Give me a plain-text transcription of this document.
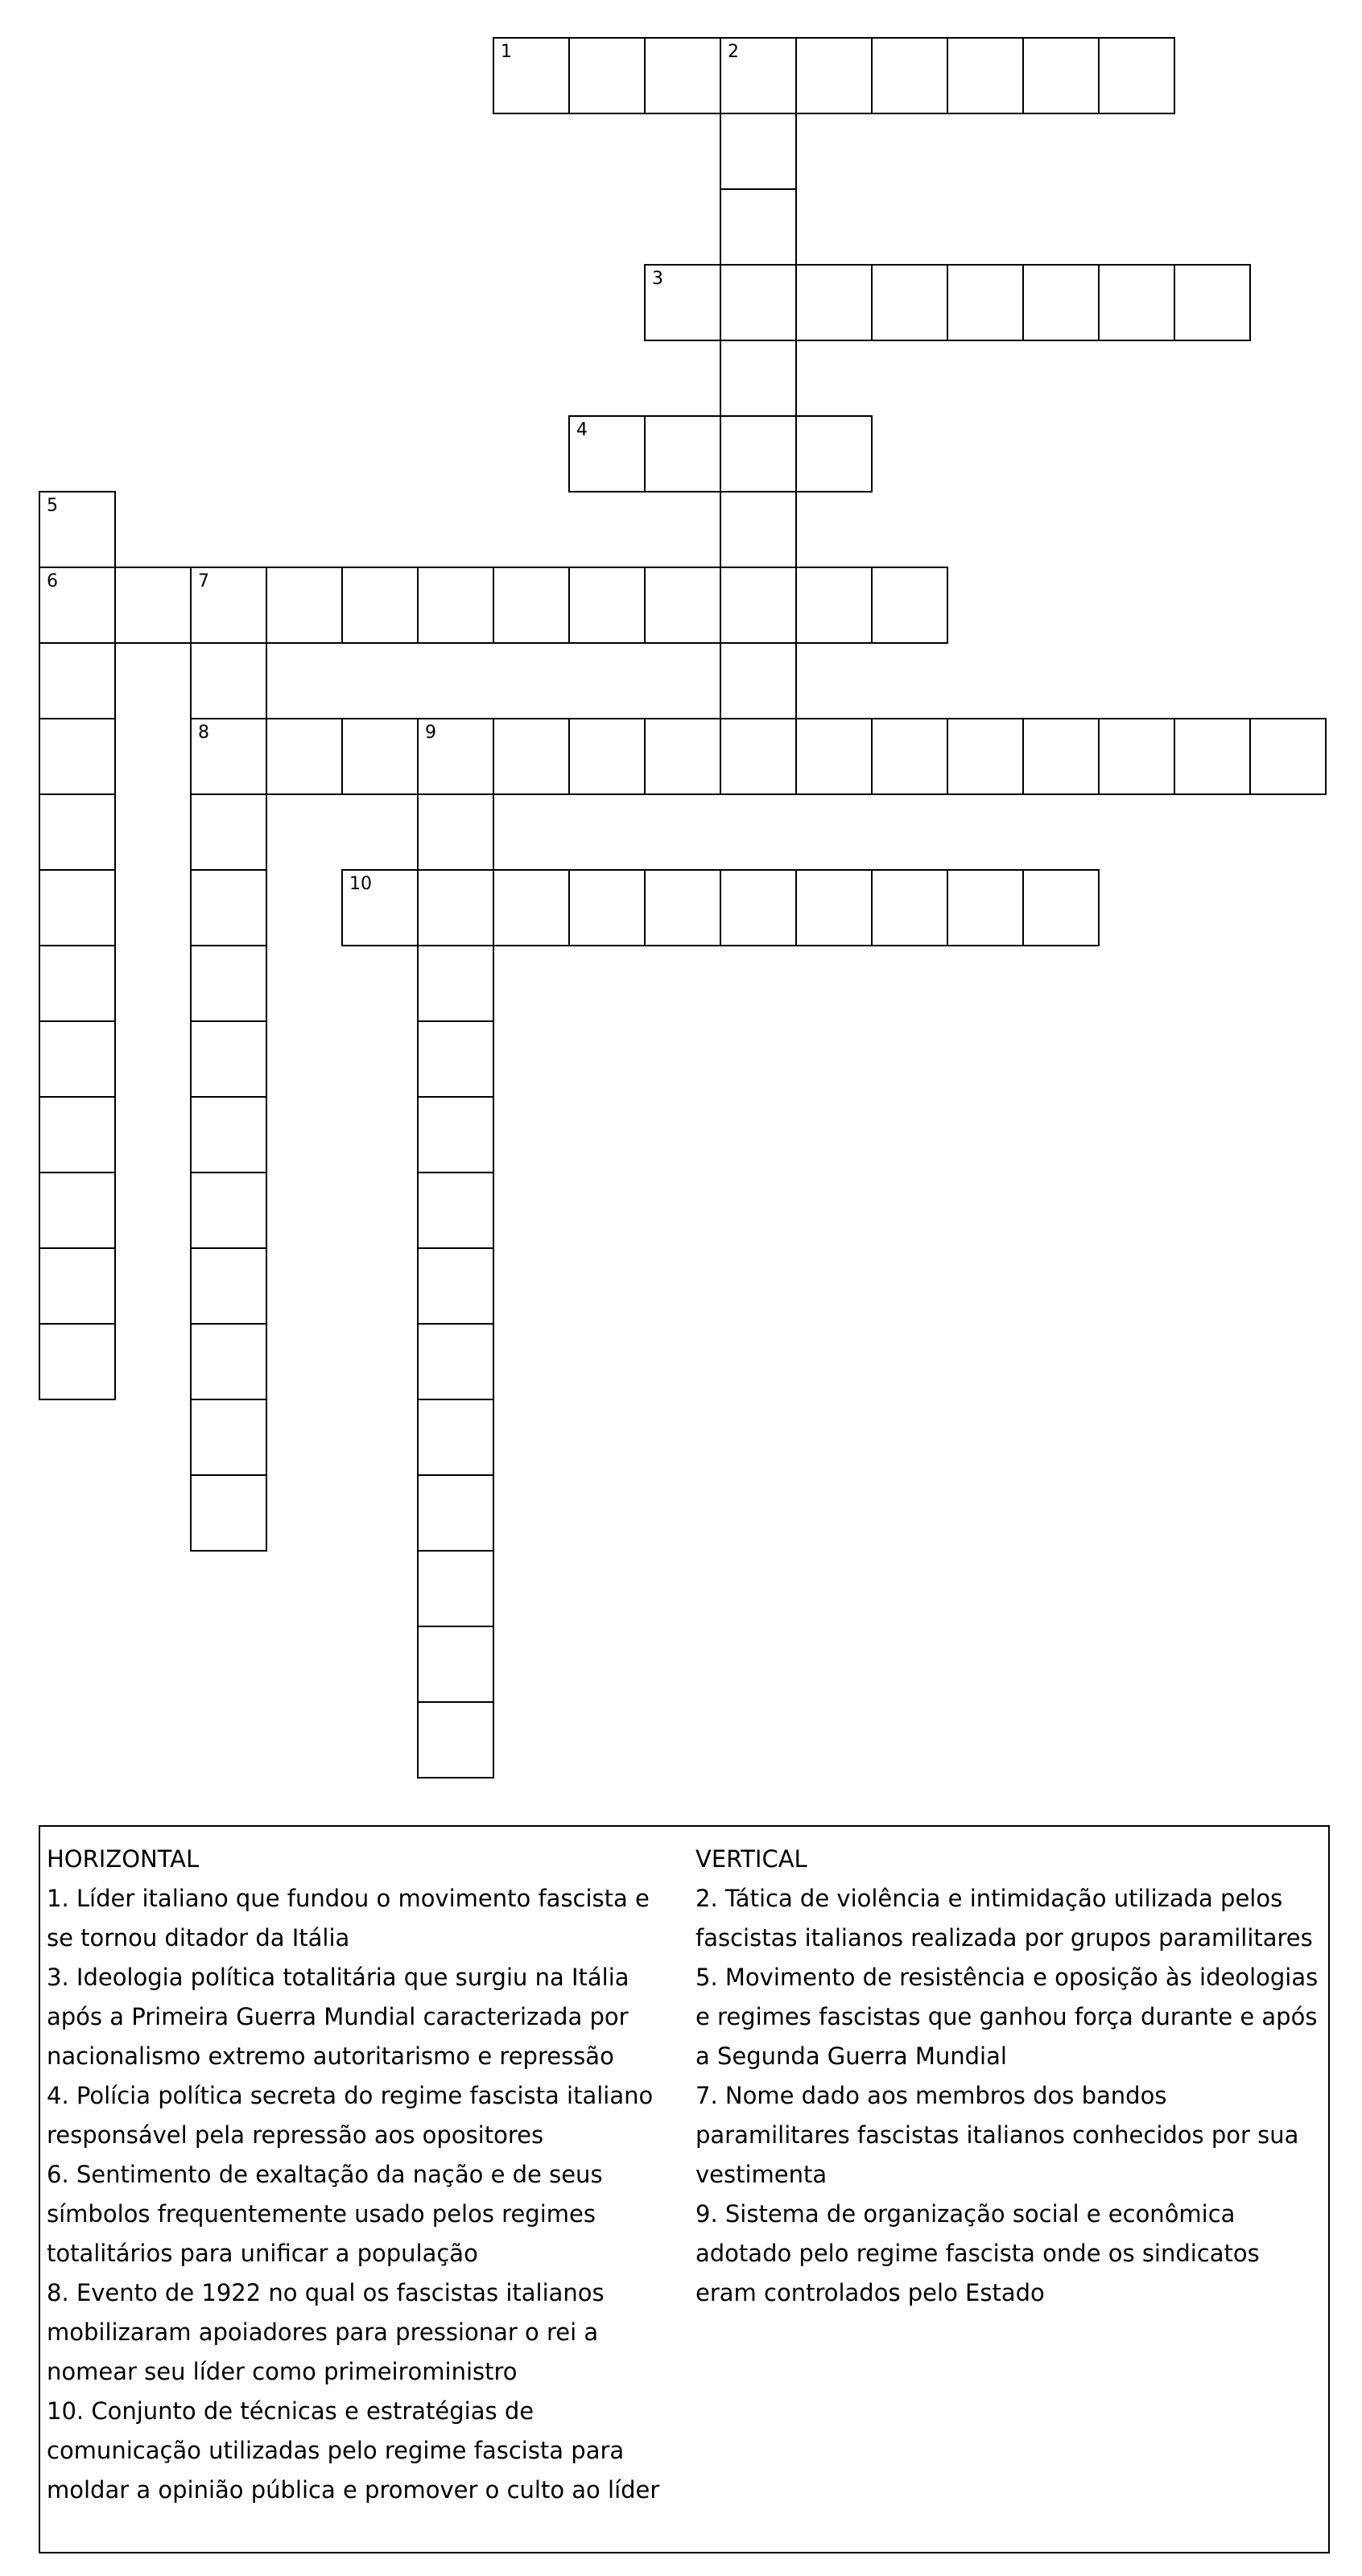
1	2
3
4
5
6	7
8	9
10

HORIZONTAL

1. Líder italiano que fundou o movimento fascista e se tornou ditador da Itália

3. Ideologia política totalitária que surgiu na Itália após a Primeira Guerra Mundial caracterizada por nacionalismo extremo autoritarismo e repressão

4. Polícia política secreta do regime fascista italiano responsável pela repressão aos opositores

6. Sentimento de exaltação da nação e de seus símbolos frequentemente usado pelos regimes totalitários para unificar a população

8. Evento de 1922 no qual os fascistas italianos mobilizaram apoiadores para pressionar o rei a nomear seu líder como primeirоministro

10. Conjunto de técnicas e estratégias de comunicação utilizadas pelo regime fascista para moldar a opinião pública e promover o culto ao líder

VERTICAL

2. Tática de violência e intimidação utilizada pelos fascistas italianos realizada por grupos paramilitares

5. Movimento de resistência e oposição às ideologias e regimes fascistas que ganhou força durante e após a Segunda Guerra Mundial

7. Nome dado aos membros dos bandos paramilitares fascistas italianos conhecidos por sua vestimenta

9. Sistema de organização social e econômica adotado pelo regime fascista onde os sindicatos eram controlados pelo Estado
